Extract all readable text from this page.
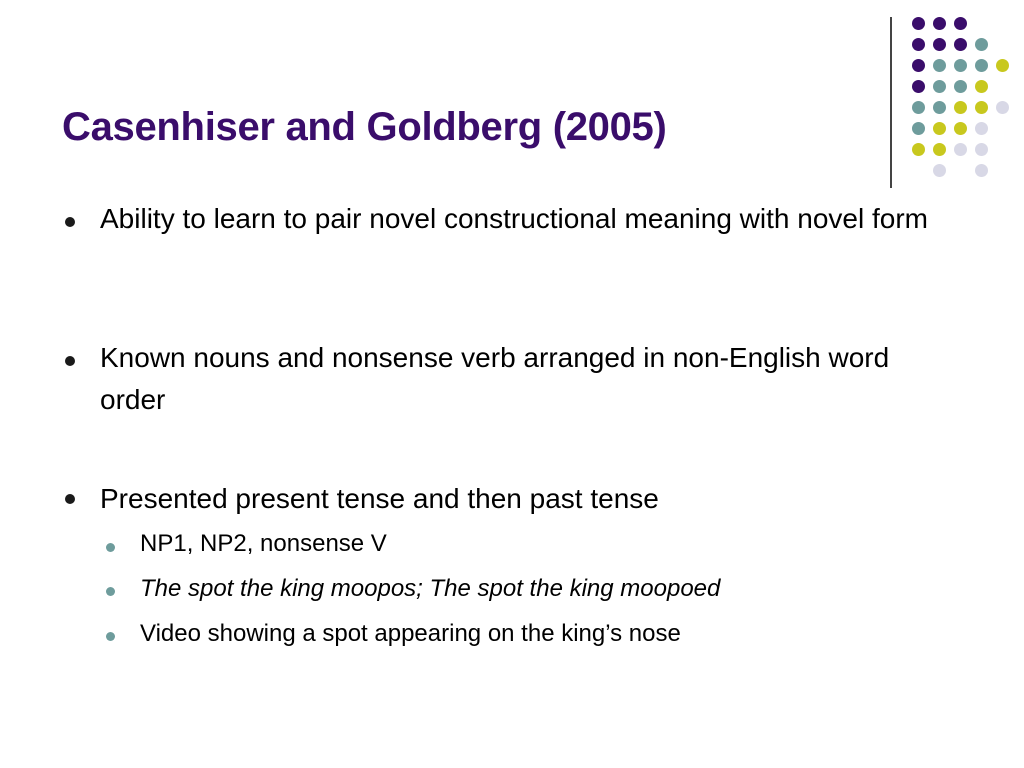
Casenhiser and Goldberg (2005)
Ability to learn to pair novel constructional meaning with novel form
Known nouns and nonsense verb arranged in non-English word order
Presented present tense and then past tense
NP1, NP2, nonsense V
The spot the king moopos; The spot the king moopoed
Video showing a spot appearing on the king’s nose
